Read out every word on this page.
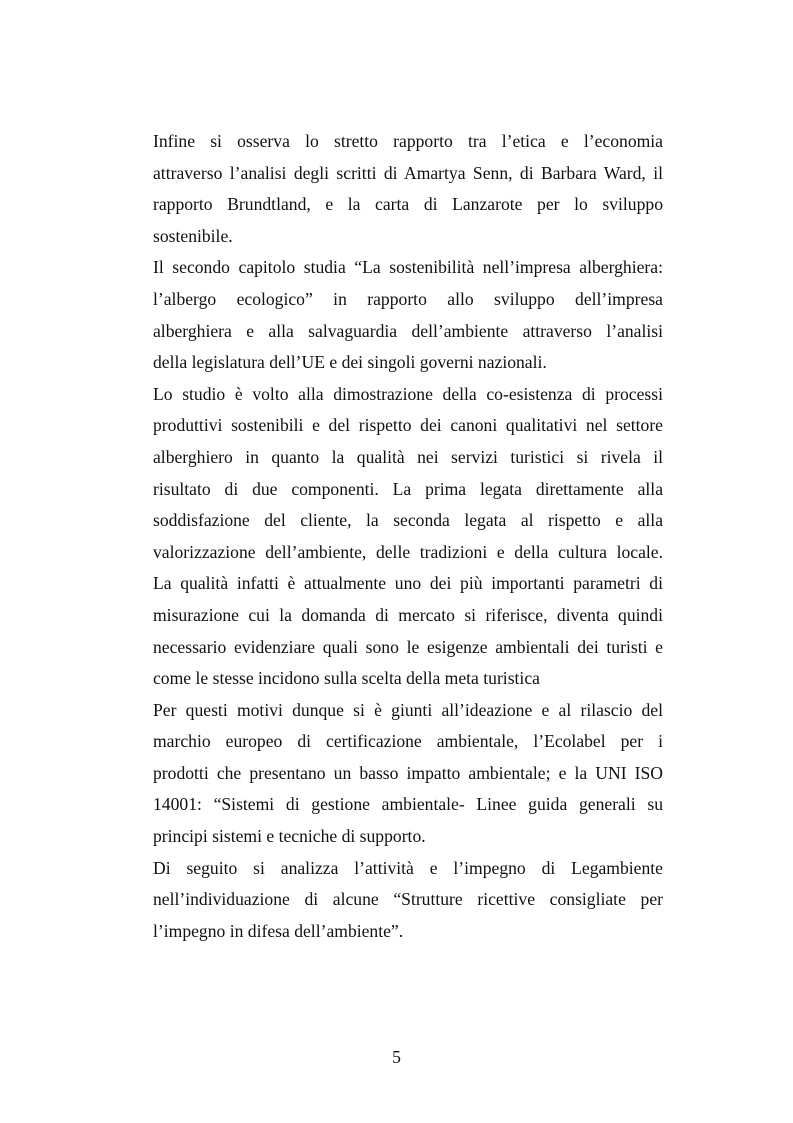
Infine si osserva lo stretto rapporto tra l’etica e l’economia
attraverso l’analisi degli scritti di Amartya Senn, di Barbara Ward, il
rapporto Brundtland, e la carta di Lanzarote per lo sviluppo
sostenibile.

Il secondo capitolo studia “La sostenibilità nell’impresa alberghiera:
l’albergo ecologico” in rapporto allo sviluppo dell’impresa
alberghiera e alla salvaguardia dell’ambiente attraverso l’analisi
della legislatura dell’UE e dei singoli governi nazionali.

Lo studio è volto alla dimostrazione della co-esistenza di processi
produttivi sostenibili e del rispetto dei canoni qualitativi nel settore
alberghiero in quanto la qualità nei servizi turistici si rivela il
risultato di due componenti. La prima legata direttamente alla
soddisfazione del cliente, la seconda legata al rispetto e alla
valorizzazione dell’ambiente, delle tradizioni e della cultura locale.

La qualità infatti è attualmente uno dei più importanti parametri di
misurazione cui la domanda di mercato si riferisce, diventa quindi
necessario evidenziare quali sono le esigenze ambientali dei turisti e
come le stesse incidono sulla scelta della meta turistica

Per questi motivi dunque si è giunti all’ideazione e al rilascio del
marchio europeo di certificazione ambientale, l’Ecolabel per i
prodotti che presentano un basso impatto ambientale; e la UNI ISO
14001: “Sistemi di gestione ambientale- Linee guida generali su
principi sistemi e tecniche di supporto.

Di seguito si analizza l’attività e l’impegno di Legambiente
nell’individuazione di alcune “Strutture ricettive consigliate per
l’impegno in difesa dell’ambiente”.

5
